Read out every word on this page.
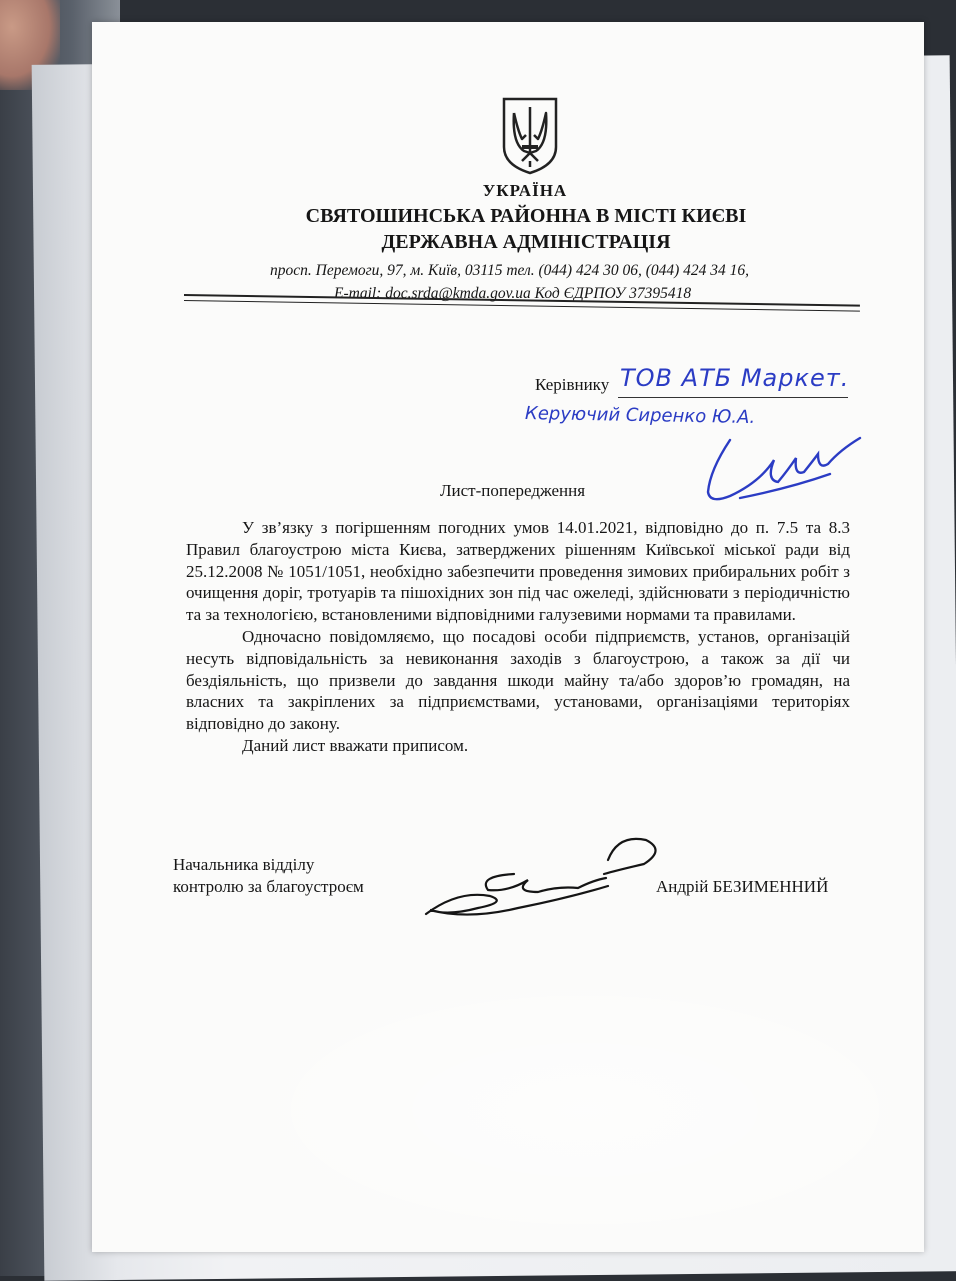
УКРАЇНА
СВЯТОШИНСЬКА РАЙОННА В МІСТІ КИЄВІ
ДЕРЖАВНА АДМІНІСТРАЦІЯ
просп. Перемоги, 97, м. Київ, 03115 тел. (044) 424 30 06, (044) 424 34 16,
E-mail: doc.srda@kmda.gov.ua Код ЄДРПОУ 37395418
Керівнику ТОВ АТБ Маркет.
Керуючий Сиренко Ю.А.
Лист-попередження

У зв’язку з погіршенням погодних умов 14.01.2021, відповідно до п. 7.5 та 8.3 Правил благоустрою міста Києва, затверджених рішенням Київської міської ради від 25.12.2008 № 1051/1051, необхідно забезпечити проведення зимових прибиральних робіт з очищення доріг, тротуарів та пішохідних зон під час ожеледі, здійснювати з періодичністю та за технологією, встановленими відповідними галузевими нормами та правилами.

Одночасно повідомляємо, що посадові особи підприємств, установ, організацій несуть відповідальність за невиконання заходів з благоустрою, а також за дії чи бездіяльність, що призвели до завдання шкоди майну та/або здоров’ю громадян, на власних та закріплених за підприємствами, установами, організаціями територіях відповідно до закону.

Даний лист вважати приписом.

Начальника відділу
контролю за благоустроєм	Андрій БЕЗИМЕННИЙ
